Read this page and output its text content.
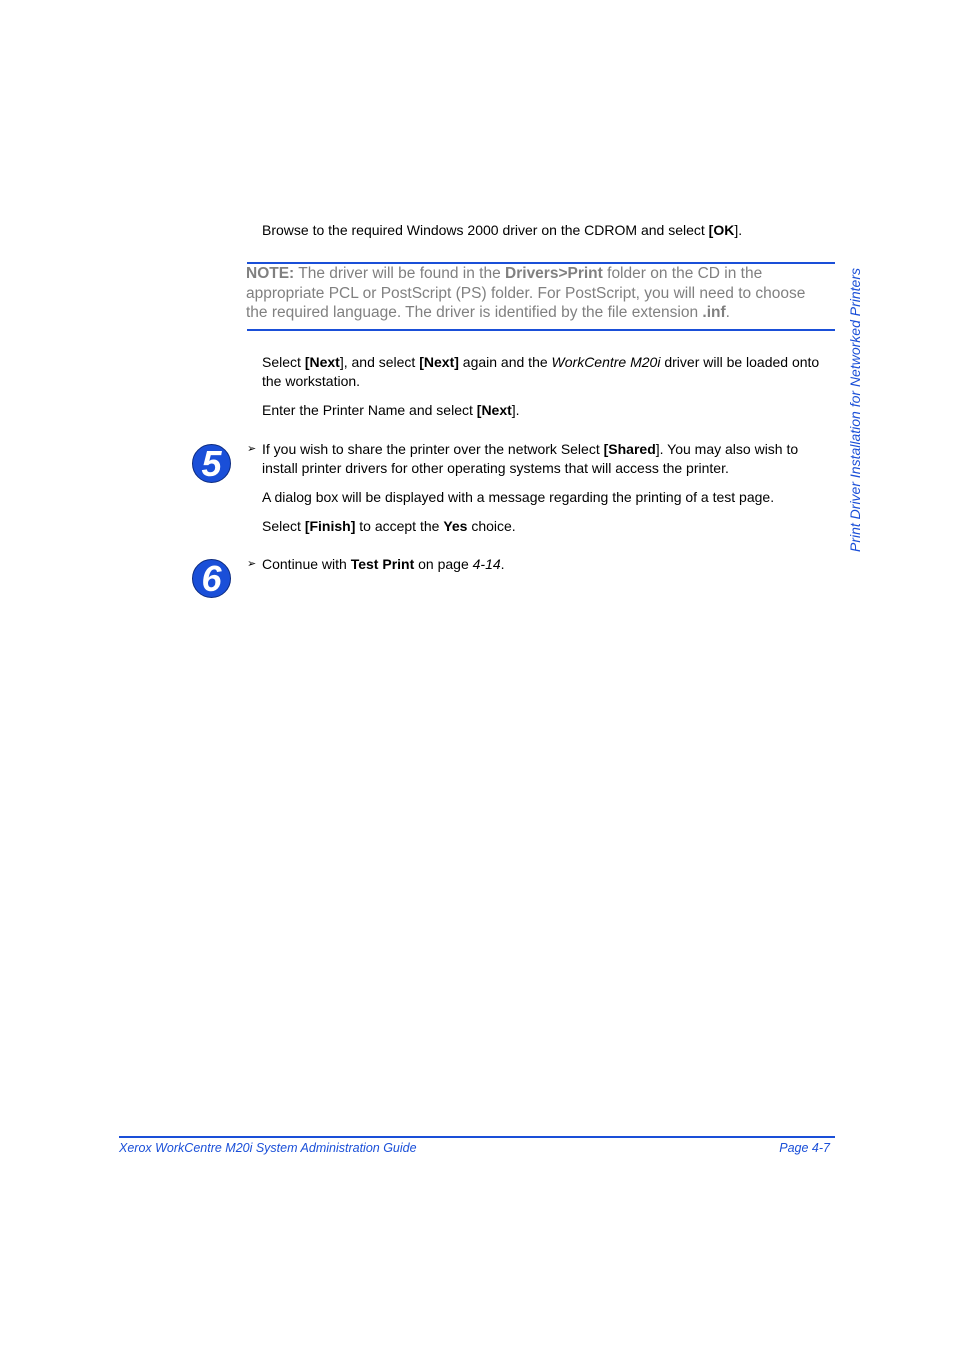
Print Driver Installation for Networked Printers
Browse to the required Windows 2000 driver on the CDROM and select [OK].
NOTE: The driver will be found in the Drivers>Print folder on the CD in the appropriate PCL or PostScript (PS) folder. For PostScript, you will need to choose the required language. The driver is identified by the file extension .inf.
Select [Next], and select [Next] again and the WorkCentre M20i driver will be loaded onto the workstation.
Enter the Printer Name and select [Next].
5	➢ If you wish to share the printer over the network Select [Shared]. You may also wish to install printer drivers for other operating systems that will access the printer.
A dialog box will be displayed with a message regarding the printing of a test page.
Select [Finish] to accept the Yes choice.
6	➢ Continue with Test Print on page 4-14.
Xerox WorkCentre M20i System Administration Guide	Page 4-7
